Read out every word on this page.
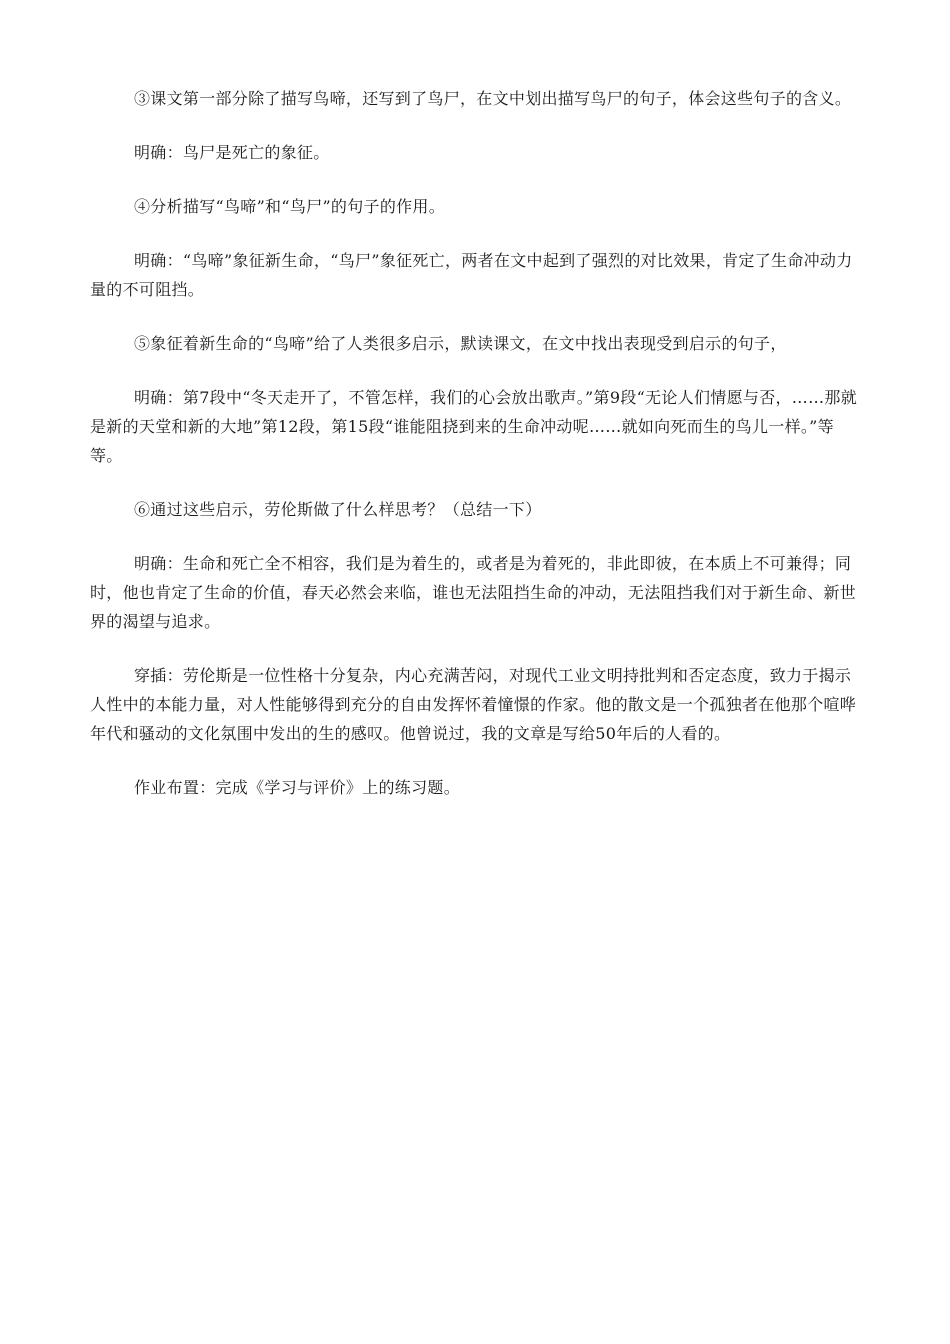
③课文第一部分除了描写鸟啼，还写到了鸟尸，在文中划出描写鸟尸的句子，体会这些句子的含义。

明确：鸟尸是死亡的象征。

④分析描写“鸟啼”和“鸟尸”的句子的作用。

明确：“鸟啼”象征新生命，“鸟尸”象征死亡，两者在文中起到了强烈的对比效果，肯定了生命冲动力量的不可阻挡。

⑤象征着新生命的“鸟啼”给了人类很多启示，默读课文，在文中找出表现受到启示的句子，

明确：第7段中“冬天走开了，不管怎样，我们的心会放出歌声。”第9段“无论人们情愿与否，……那就是新的天堂和新的大地”第12段，第15段“谁能阻挠到来的生命冲动呢……就如向死而生的鸟儿一样。”等等。

⑥通过这些启示，劳伦斯做了什么样思考？（总结一下）

明确：生命和死亡全不相容，我们是为着生的，或者是为着死的，非此即彼，在本质上不可兼得；同时，他也肯定了生命的价值，春天必然会来临，谁也无法阻挡生命的冲动，无法阻挡我们对于新生命、新世界的渴望与追求。

穿插：劳伦斯是一位性格十分复杂，内心充满苦闷，对现代工业文明持批判和否定态度，致力于揭示人性中的本能力量，对人性能够得到充分的自由发挥怀着憧憬的作家。他的散文是一个孤独者在他那个喧哗年代和骚动的文化氛围中发出的生的感叹。他曾说过，我的文章是写给50年后的人看的。

作业布置：完成《学习与评价》上的练习题。
